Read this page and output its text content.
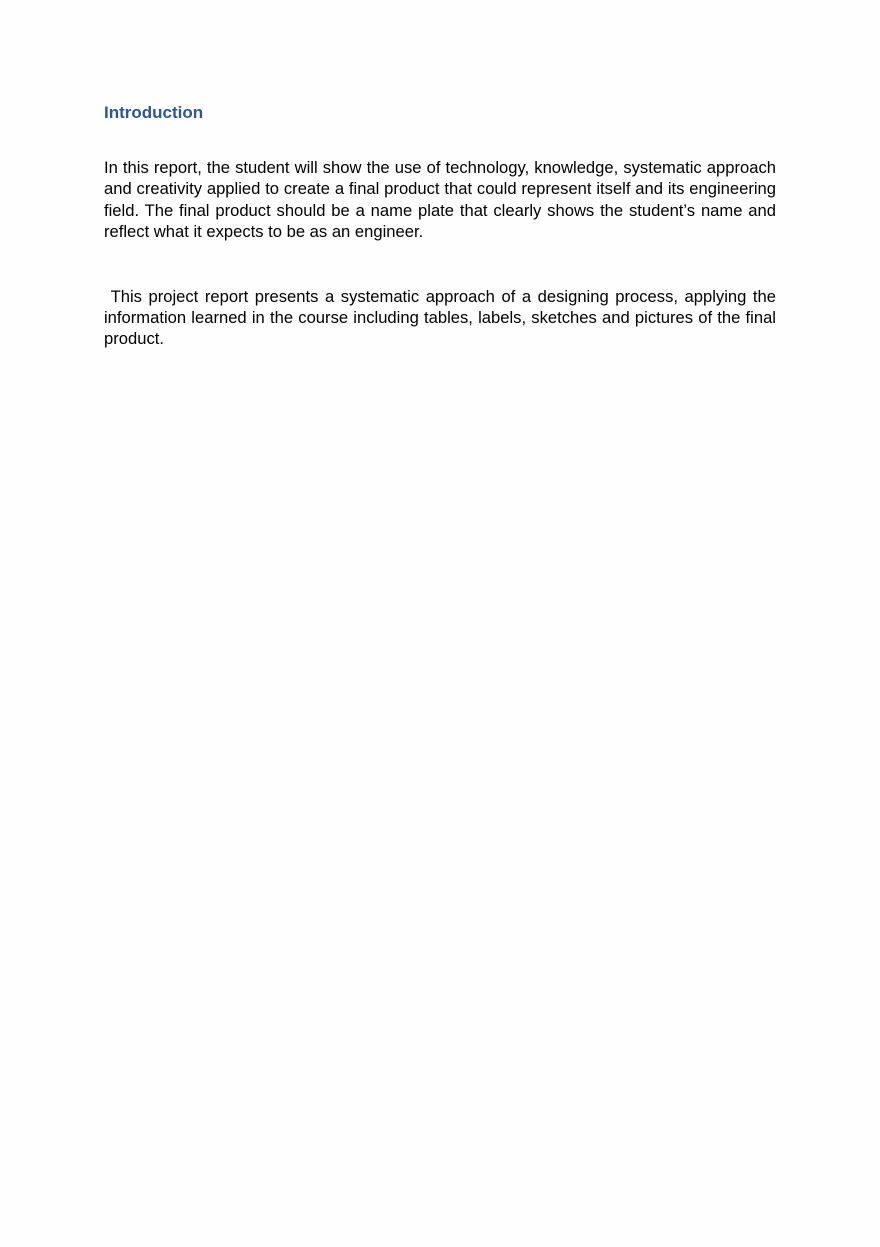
Introduction

In this report, the student will show the use of technology, knowledge, systematic approach and creativity applied to create a final product that could represent itself and its engineering field. The final product should be a name plate that clearly shows the student’s name and reflect what it expects to be as an engineer.

This project report presents a systematic approach of a designing process, applying the information learned in the course including tables, labels, sketches and pictures of the final product.
